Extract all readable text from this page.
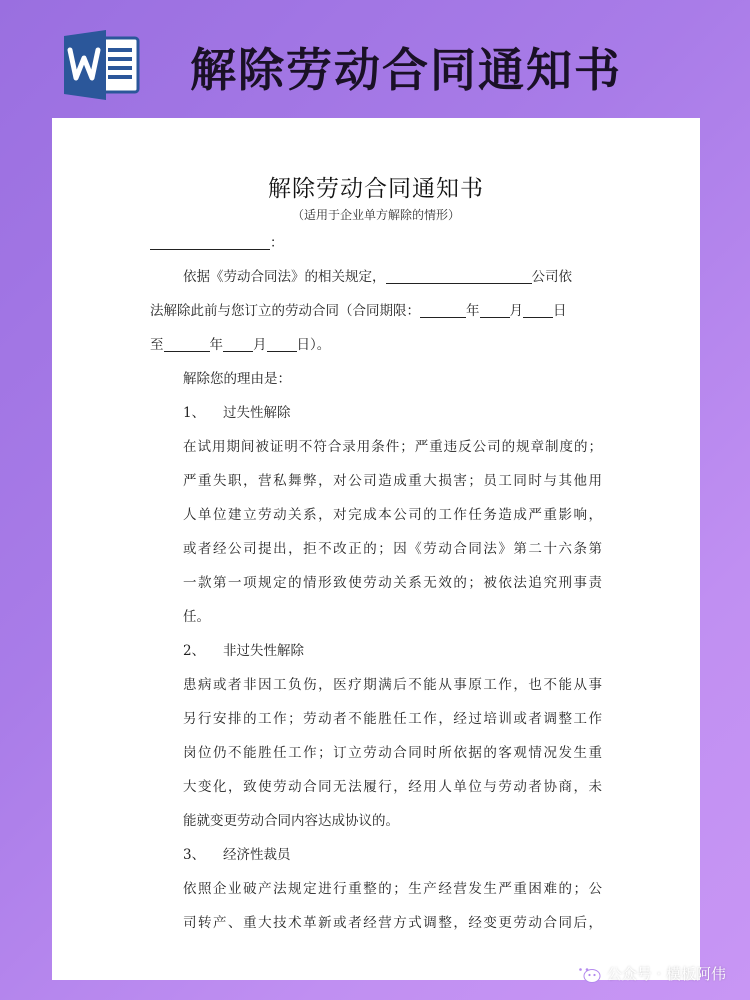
解除劳动合同通知书
解除劳动合同通知书
（适用于企业单方解除的情形）
：
依据《劳动合同法》的相关规定，	公司依
法解除此前与您订立的劳动合同（合同期限：	年 月 日
至	年 月 日）。
解除您的理由是：
1、 过失性解除
在试用期间被证明不符合录用条件；严重违反公司的规章制度的；
严重失职，营私舞弊，对公司造成重大损害；员工同时与其他用
人单位建立劳动关系，对完成本公司的工作任务造成严重影响，
或者经公司提出，拒不改正的；因《劳动合同法》第二十六条第
一款第一项规定的情形致使劳动关系无效的；被依法追究刑事责
任。
2、 非过失性解除
患病或者非因工负伤，医疗期满后不能从事原工作，也不能从事
另行安排的工作；劳动者不能胜任工作，经过培训或者调整工作
岗位仍不能胜任工作；订立劳动合同时所依据的客观情况发生重
大变化，致使劳动合同无法履行，经用人单位与劳动者协商，未
能就变更劳动合同内容达成协议的。
3、 经济性裁员
依照企业破产法规定进行重整的；生产经营发生严重困难的；公
司转产、重大技术革新或者经营方式调整，经变更劳动合同后，
公众号 · 模板阿伟
